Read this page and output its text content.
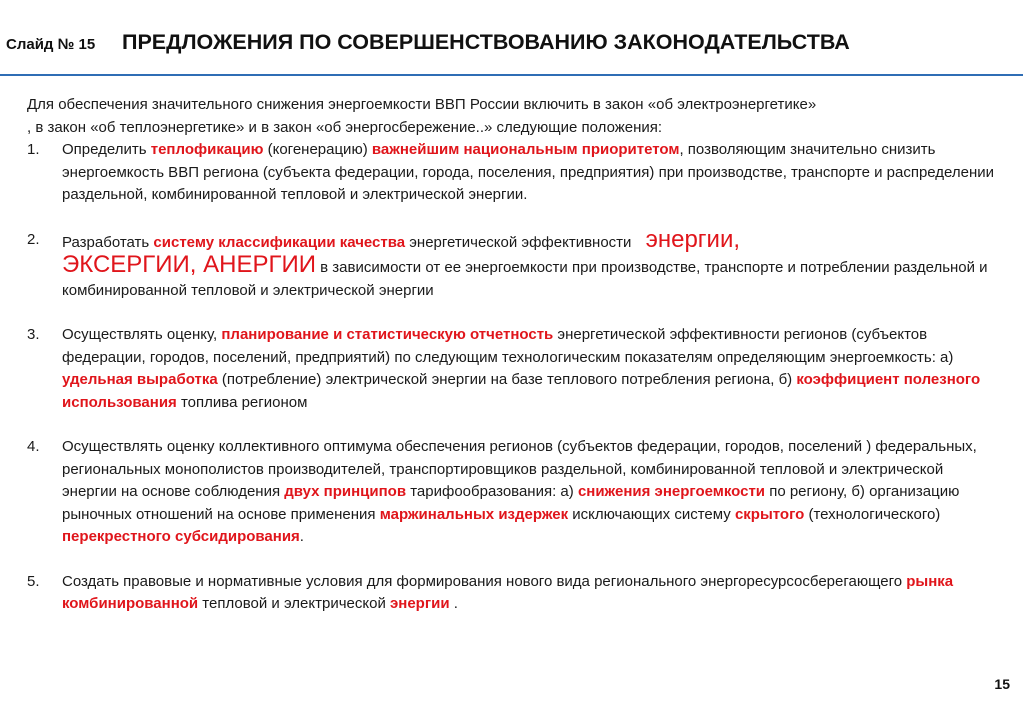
Слайд № 15 ПРЕДЛОЖЕНИЯ ПО СОВЕРШЕНСТВОВАНИЮ ЗАКОНОДАТЕЛЬСТВА

Для обеспечения значительного снижения энергоемкости ВВП России включить в закон «об электроэнергетике»
, в закон «об теплоэнергетике» и в закон «об энергосбережение..» следующие положения:

1. Определить теплофикацию (когенерацию) важнейшим национальным приоритетом, позволяющим значительно снизить энергоемкость ВВП региона (субъекта федерации, города, поселения, предприятия) при производстве, транспорте и распределении раздельной, комбинированной тепловой и электрической энергии.
2. Разработать систему классификации качества энергетической эффективности энергии,
ЭКСЕРГИИ, АНЕРГИИ в зависимости от ее энергоемкости при производстве, транспорте и потреблении раздельной и комбинированной тепловой и электрической энергии
3. Осуществлять оценку, планирование и статистическую отчетность энергетической эффективности регионов (субъектов федерации, городов, поселений, предприятий) по следующим технологическим показателям определяющим энергоемкость: а) удельная выработка (потребление) электрической энергии на базе теплового потребления региона, б) коэффициент полезного использования топлива регионом
4. Осуществлять оценку коллективного оптимума обеспечения регионов (субъектов федерации, городов, поселений ) федеральных, региональных монополистов производителей, транспортировщиков раздельной, комбинированной тепловой и электрической энергии на основе соблюдения двух принципов тарифообразования: а) снижения энергоемкости по региону, б) организацию рыночных отношений на основе применения маржинальных издержек исключающих систему скрытого (технологического) перекрестного субсидирования.
5. Создать правовые и нормативные условия для формирования нового вида регионального энергоресурсосберегающего рынка комбинированной тепловой и электрической энергии .
15
